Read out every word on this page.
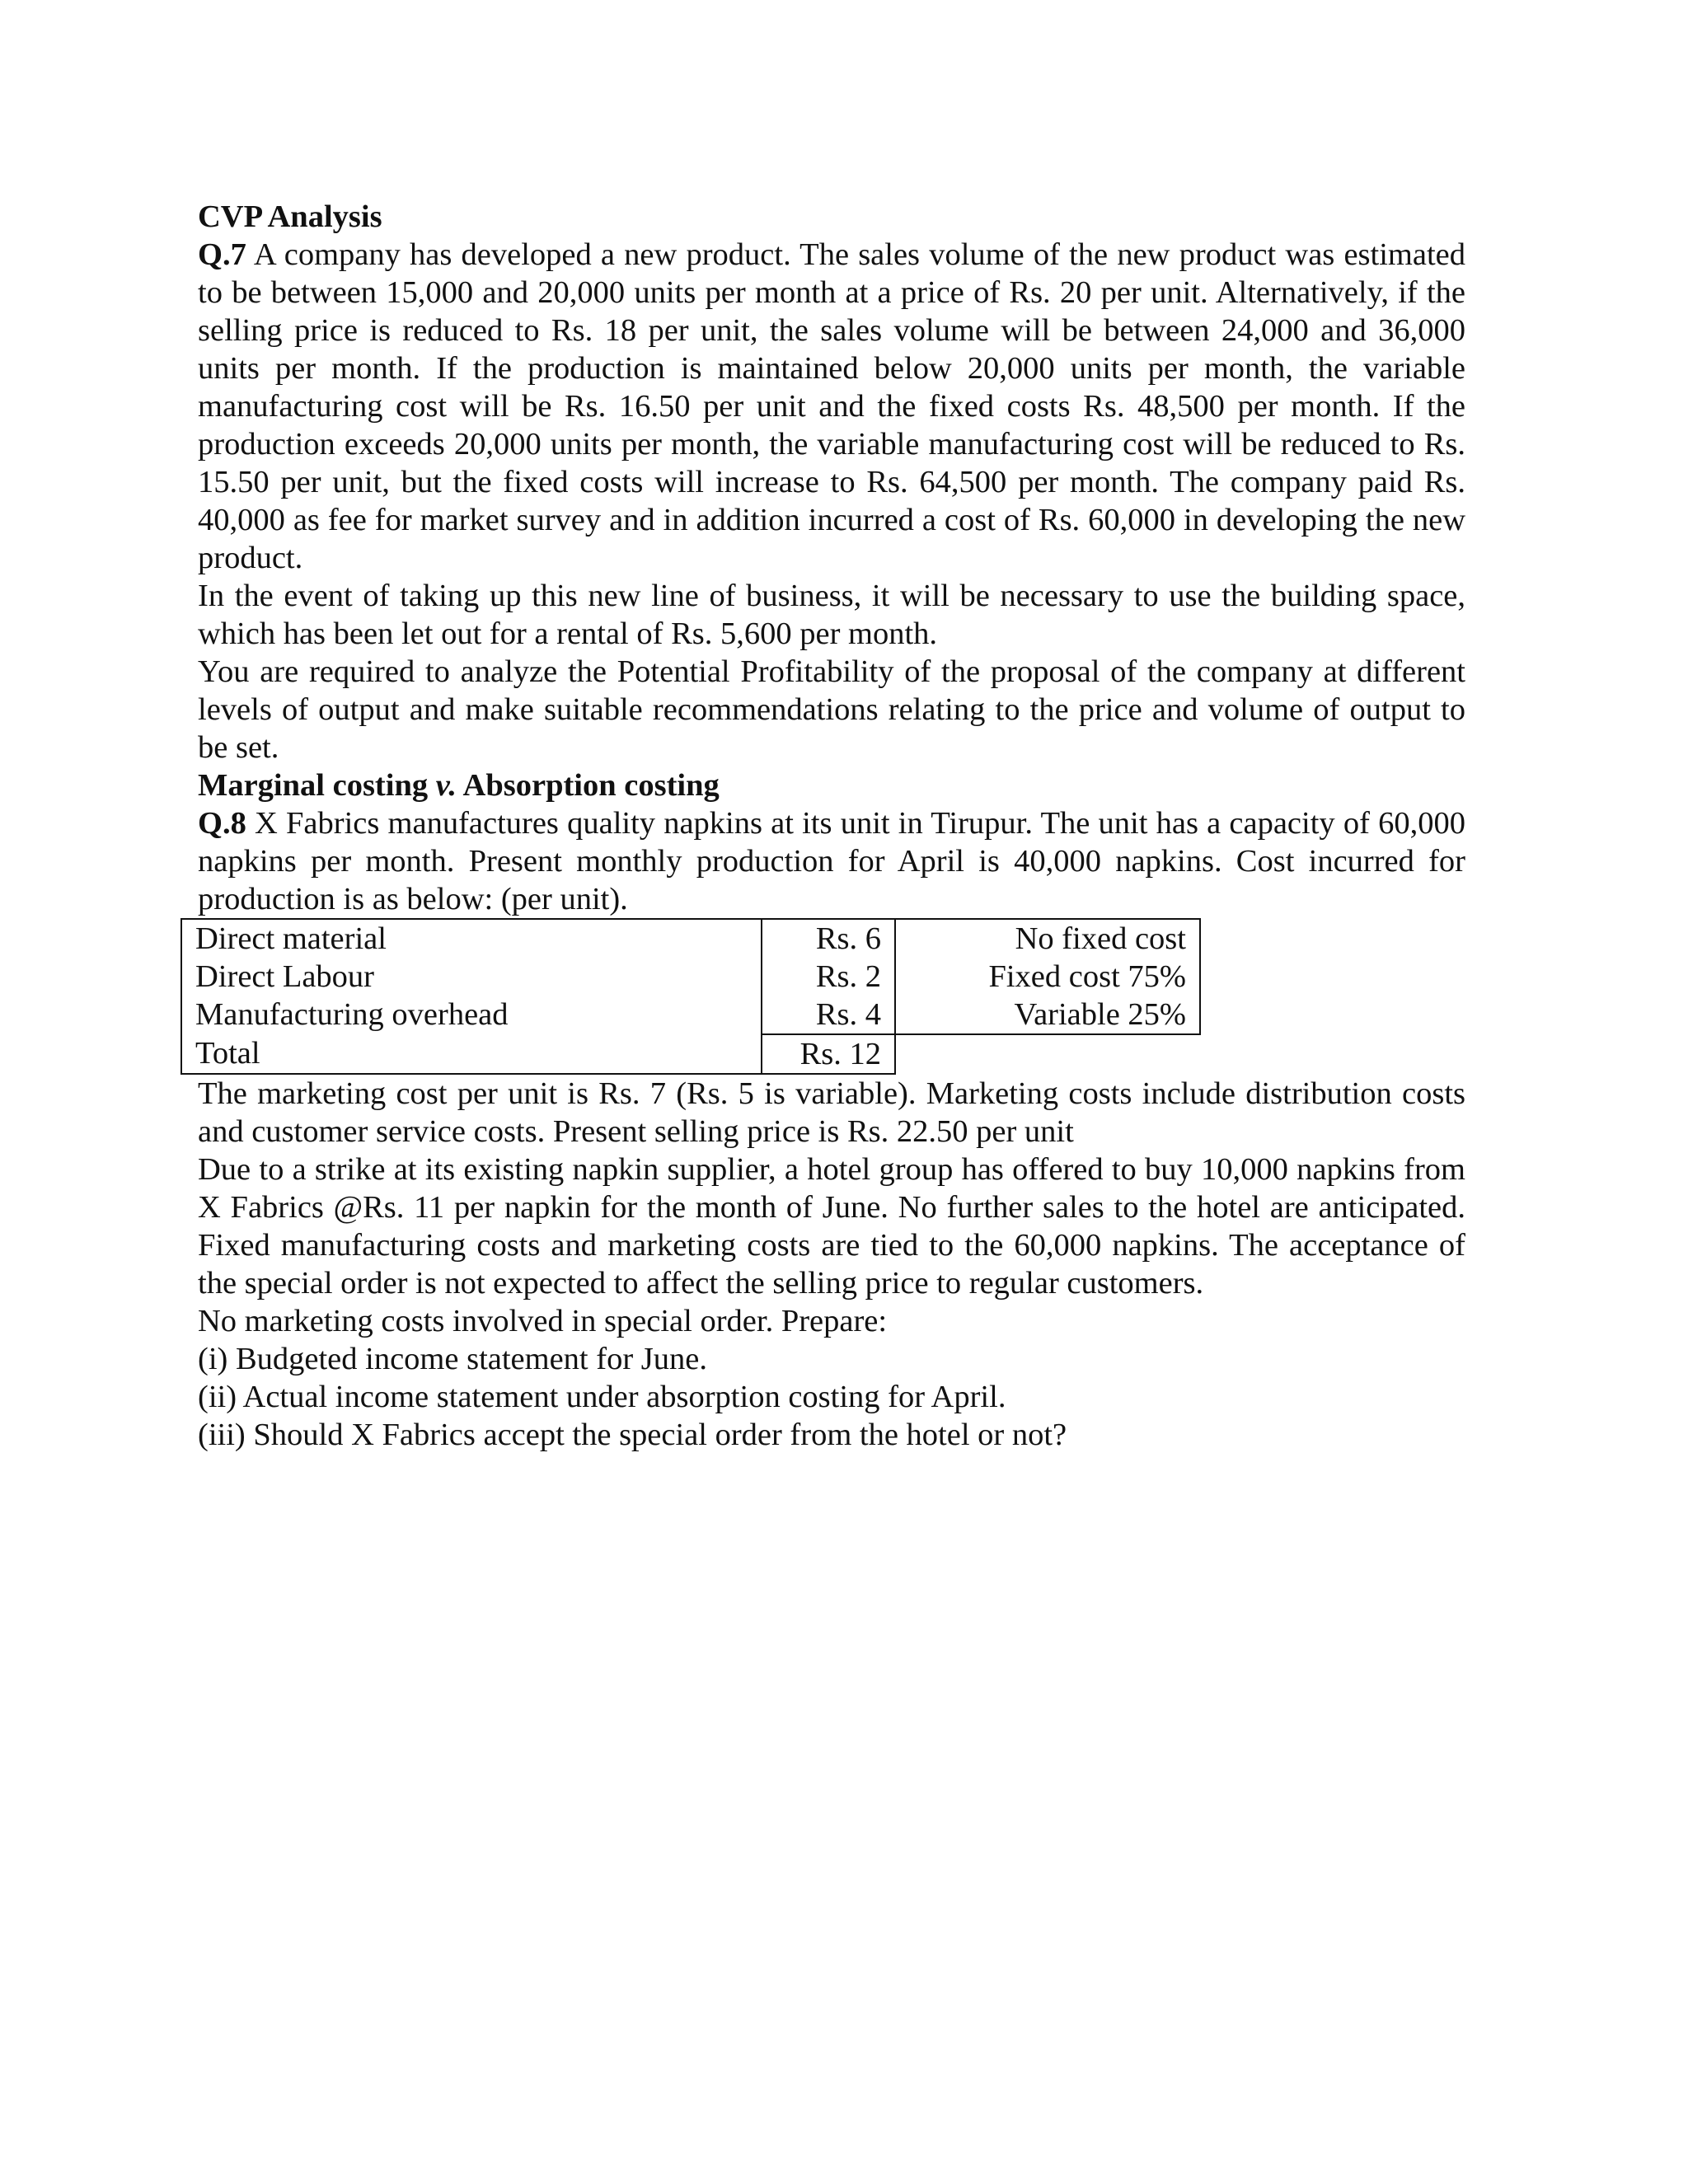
CVP Analysis

Q.7 A company has developed a new product. The sales volume of the new product was estimated to be between 15,000 and 20,000 units per month at a price of Rs. 20 per unit. Alternatively, if the selling price is reduced to Rs. 18 per unit, the sales volume will be between 24,000 and 36,000 units per month. If the production is maintained below 20,000 units per month, the variable manufacturing cost will be Rs. 16.50 per unit and the fixed costs Rs. 48,500 per month. If the production exceeds 20,000 units per month, the variable manufacturing cost will be reduced to Rs. 15.50 per unit, but the fixed costs will increase to Rs. 64,500 per month. The company paid Rs. 40,000 as fee for market survey and in addition incurred a cost of Rs. 60,000 in developing the new product.

In the event of taking up this new line of business, it will be necessary to use the building space, which has been let out for a rental of Rs. 5,600 per month.

You are required to analyze the Potential Profitability of the proposal of the company at different levels of output and make suitable recommendations relating to the price and volume of output to be set.

Marginal costing v. Absorption costing

Q.8 X Fabrics manufactures quality napkins at its unit in Tirupur. The unit has a capacity of 60,000 napkins per month. Present monthly production for April is 40,000 napkins. Cost incurred for production is as below: (per unit).

Direct material	Rs. 6	No fixed cost
Direct Labour	Rs. 2	Fixed cost 75%
Manufacturing overhead	Rs. 4	Variable 25%
Total	Rs. 12	

The marketing cost per unit is Rs. 7 (Rs. 5 is variable). Marketing costs include distribution costs and customer service costs. Present selling price is Rs. 22.50 per unit

Due to a strike at its existing napkin supplier, a hotel group has offered to buy 10,000 napkins from X Fabrics @Rs. 11 per napkin for the month of June. No further sales to the hotel are anticipated. Fixed manufacturing costs and marketing costs are tied to the 60,000 napkins. The acceptance of the special order is not expected to affect the selling price to regular customers.

No marketing costs involved in special order. Prepare:

(i) Budgeted income statement for June.

(ii) Actual income statement under absorption costing for April.

(iii) Should X Fabrics accept the special order from the hotel or not?
